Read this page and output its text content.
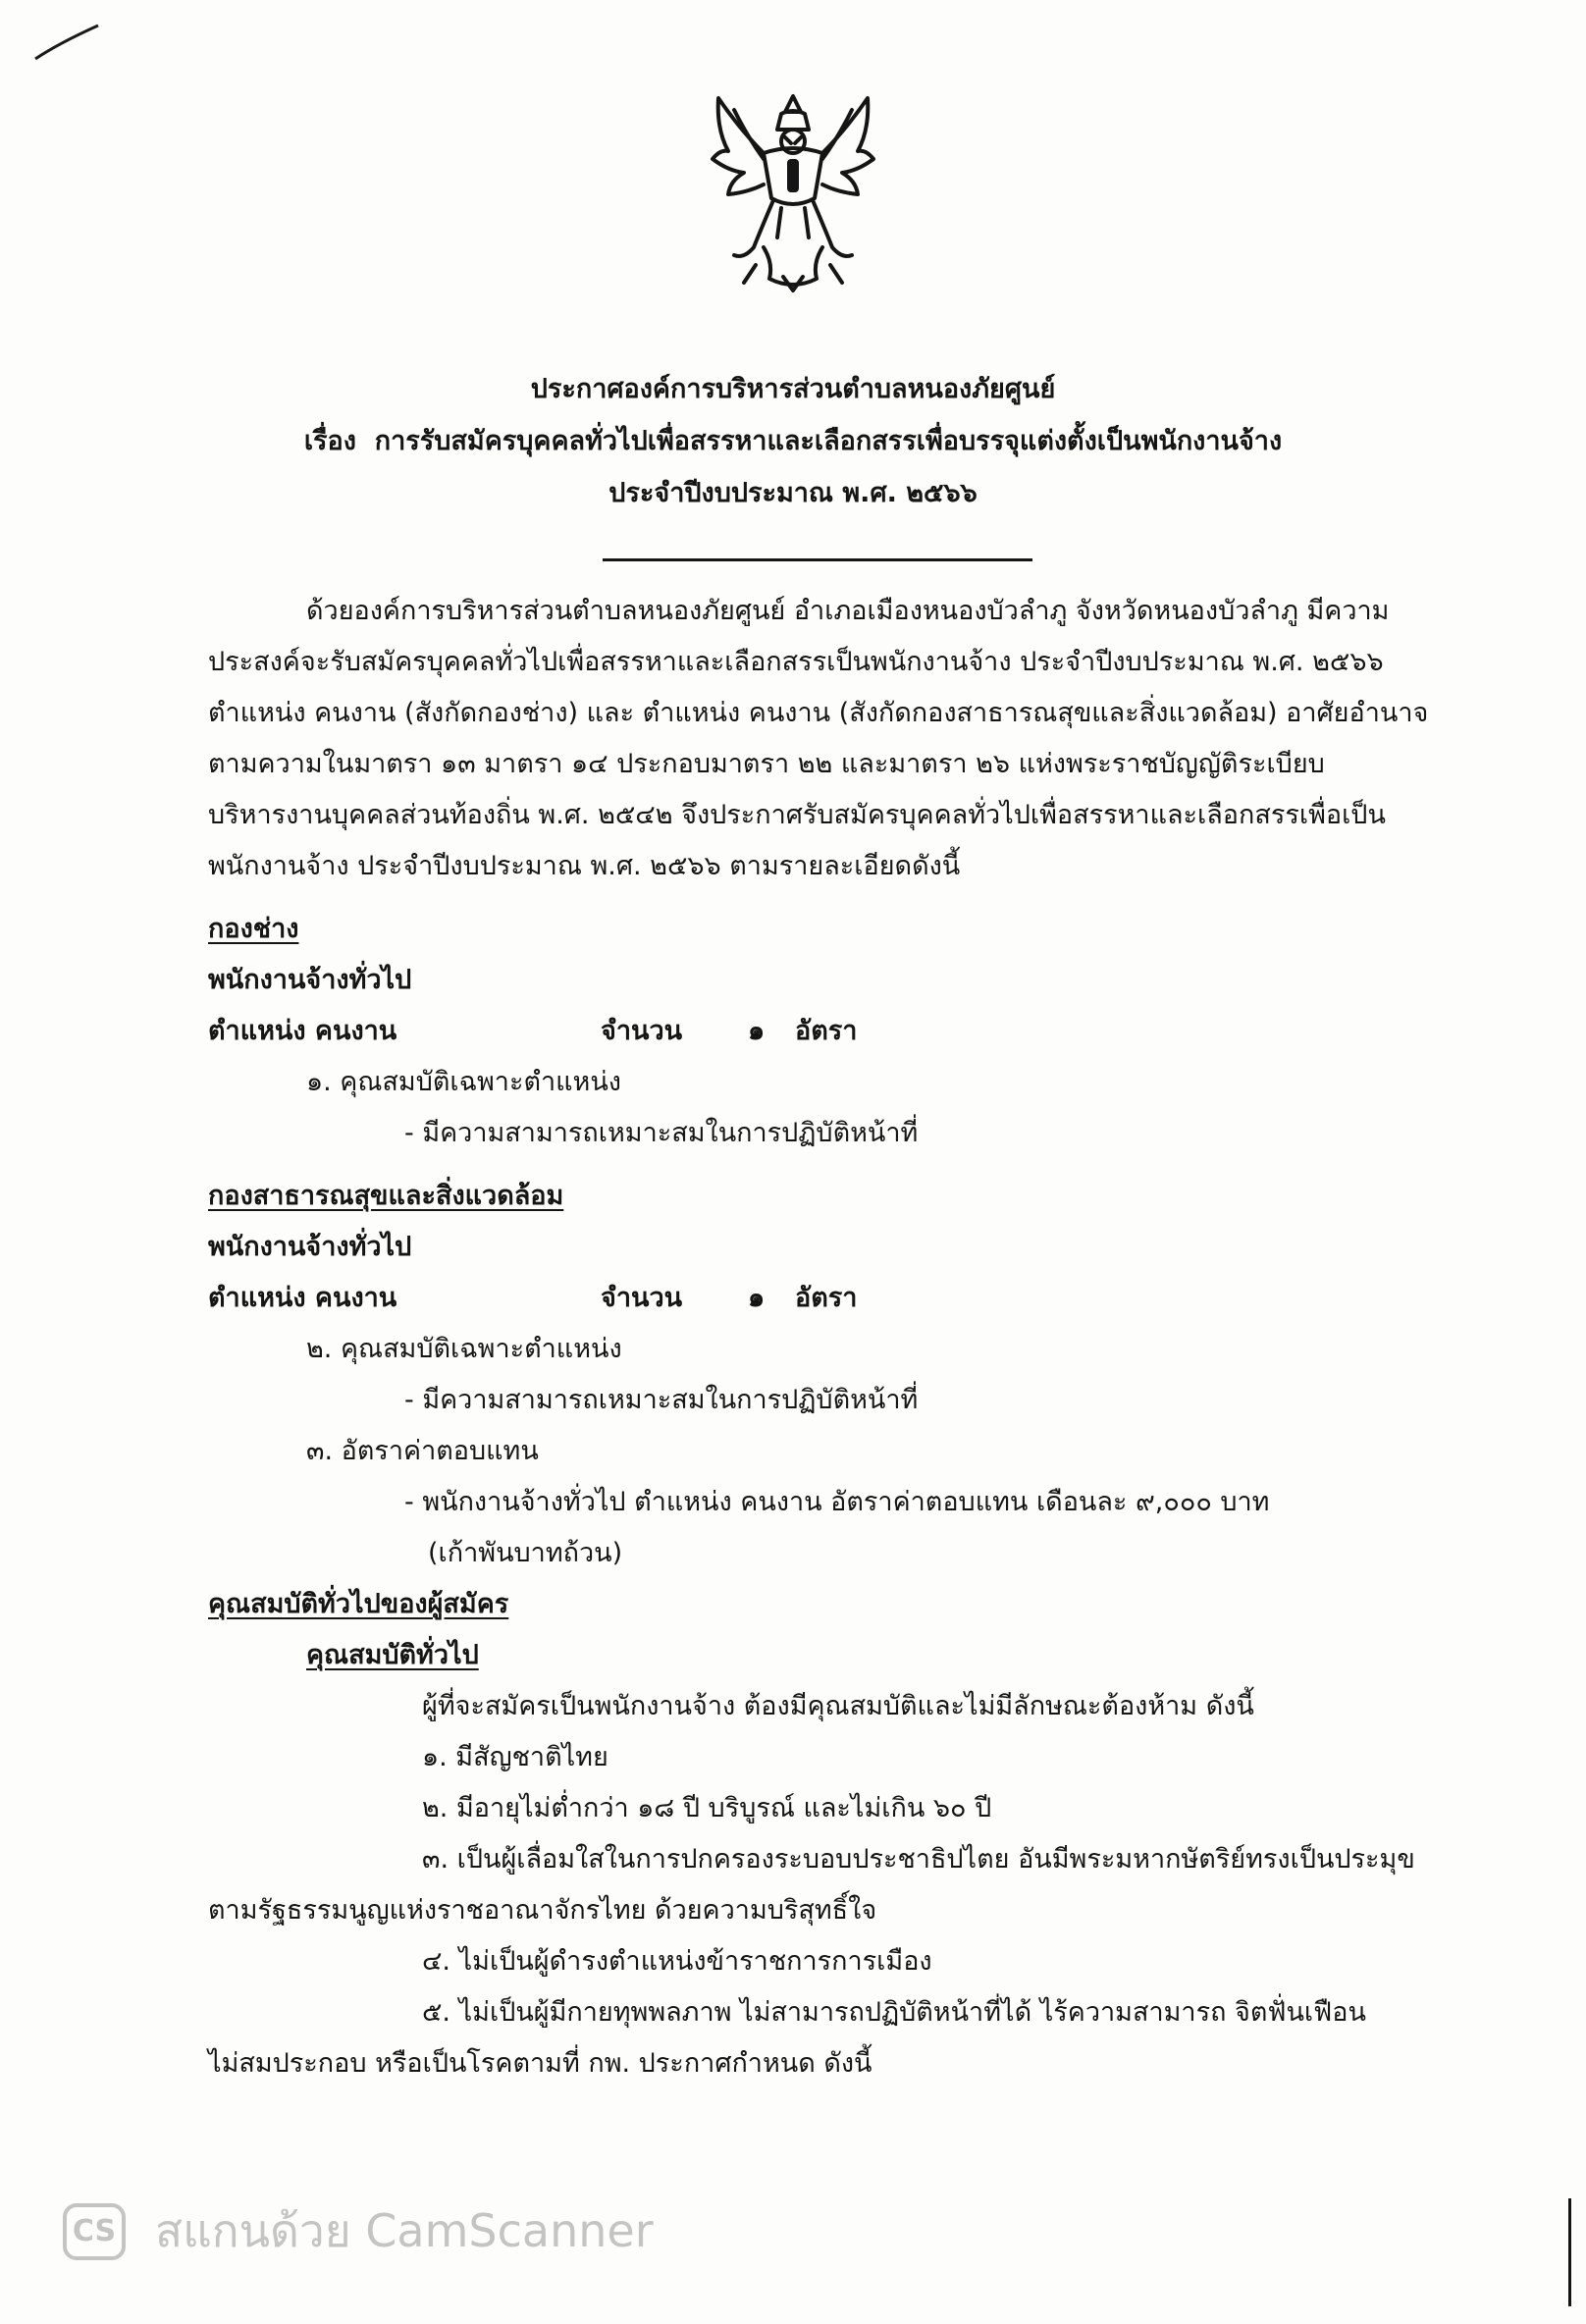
ประกาศองค์การบริหารส่วนตำบลหนองภัยศูนย์
เรื่อง การรับสมัครบุคคลทั่วไปเพื่อสรรหาและเลือกสรรเพื่อบรรจุแต่งตั้งเป็นพนักงานจ้าง
ประจำปีงบประมาณ พ.ศ. ๒๕๖๖
ด้วยองค์การบริหารส่วนตำบลหนองภัยศูนย์ อำเภอเมืองหนองบัวลำภู จังหวัดหนองบัวลำภู มีความ
ประสงค์จะรับสมัครบุคคลทั่วไปเพื่อสรรหาและเลือกสรรเป็นพนักงานจ้าง ประจำปีงบประมาณ พ.ศ. ๒๕๖๖
ตำแหน่ง คนงาน (สังกัดกองช่าง) และ ตำแหน่ง คนงาน (สังกัดกองสาธารณสุขและสิ่งแวดล้อม) อาศัยอำนาจ
ตามความในมาตรา ๑๓ มาตรา ๑๔ ประกอบมาตรา ๒๒ และมาตรา ๒๖ แห่งพระราชบัญญัติระเบียบ
บริหารงานบุคคลส่วนท้องถิ่น พ.ศ. ๒๕๔๒ จึงประกาศรับสมัครบุคคลทั่วไปเพื่อสรรหาและเลือกสรรเพื่อเป็น
พนักงานจ้าง ประจำปีงบประมาณ พ.ศ. ๒๕๖๖ ตามรายละเอียดดังนี้
กองช่าง
พนักงานจ้างทั่วไป
ตำแหน่ง คนงาน	จำนวน ๑ อัตรา
๑. คุณสมบัติเฉพาะตำแหน่ง
- มีความสามารถเหมาะสมในการปฏิบัติหน้าที่
กองสาธารณสุขและสิ่งแวดล้อม
พนักงานจ้างทั่วไป
ตำแหน่ง คนงาน	จำนวน ๑ อัตรา
๒. คุณสมบัติเฉพาะตำแหน่ง
- มีความสามารถเหมาะสมในการปฏิบัติหน้าที่
๓. อัตราค่าตอบแทน
- พนักงานจ้างทั่วไป ตำแหน่ง คนงาน อัตราค่าตอบแทน เดือนละ ๙,๐๐๐ บาท
(เก้าพันบาทถ้วน)
คุณสมบัติทั่วไปของผู้สมัคร
คุณสมบัติทั่วไป
ผู้ที่จะสมัครเป็นพนักงานจ้าง ต้องมีคุณสมบัติและไม่มีลักษณะต้องห้าม ดังนี้
๑. มีสัญชาติไทย
๒. มีอายุไม่ต่ำกว่า ๑๘ ปี บริบูรณ์ และไม่เกิน ๖๐ ปี
๓. เป็นผู้เลื่อมใสในการปกครองระบอบประชาธิปไตย อันมีพระมหากษัตริย์ทรงเป็นประมุข
ตามรัฐธรรมนูญแห่งราชอาณาจักรไทย ด้วยความบริสุทธิ์ใจ
๔. ไม่เป็นผู้ดำรงตำแหน่งข้าราชการการเมือง
๕. ไม่เป็นผู้มีกายทุพพลภาพ ไม่สามารถปฏิบัติหน้าที่ได้ ไร้ความสามารถ จิตฟั่นเฟือน
ไม่สมประกอบ หรือเป็นโรคตามที่ กพ. ประกาศกำหนด ดังนี้
CS สแกนด้วย CamScanner
